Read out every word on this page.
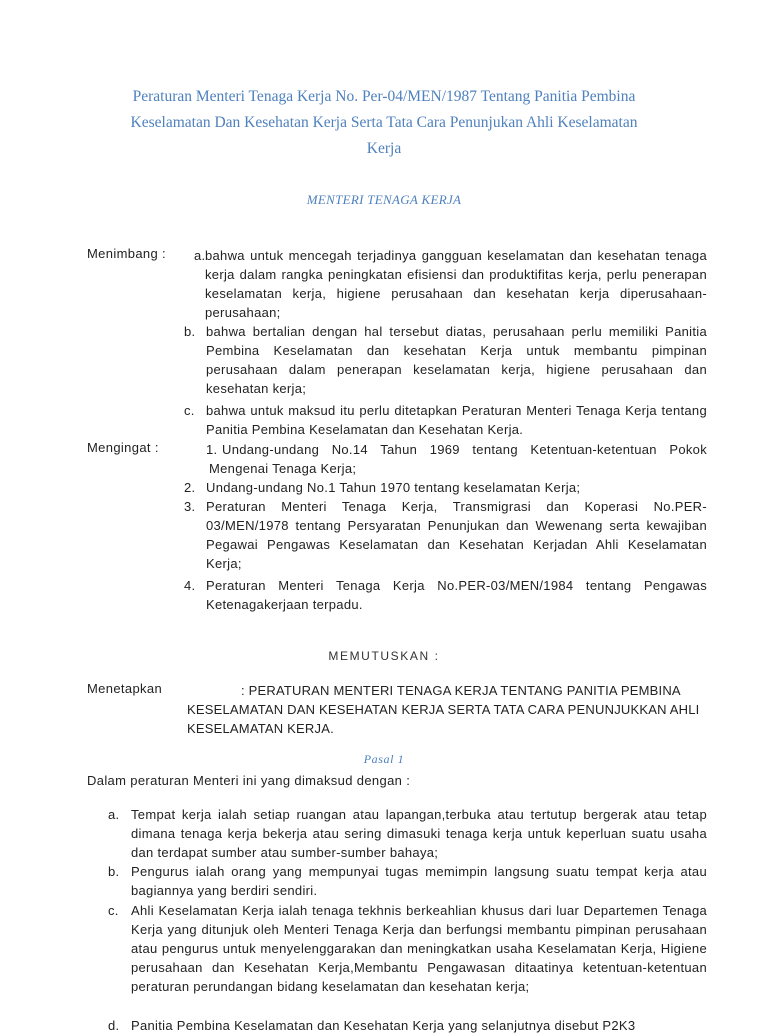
Peraturan Menteri Tenaga Kerja No. Per-04/MEN/1987 Tentang Panitia Pembina
Keselamatan Dan Kesehatan Kerja Serta Tata Cara Penunjukan Ahli Keselamatan
Kerja
MENTERI TENAGA KERJA
Menimbang : a. bahwa untuk mencegah terjadinya gangguan keselamatan dan kesehatan tenaga kerja dalam rangka peningkatan efisiensi dan produktifitas kerja, perlu penerapan keselamatan kerja, higiene perusahaan dan kesehatan kerja diperusahaan-perusahaan;
b. bahwa bertalian dengan hal tersebut diatas, perusahaan perlu memiliki Panitia Pembina Keselamatan dan kesehatan Kerja untuk membantu pimpinan perusahaan dalam penerapan keselamatan kerja, higiene perusahaan dan kesehatan kerja;
c. bahwa untuk maksud itu perlu ditetapkan Peraturan Menteri Tenaga Kerja tentang Panitia Pembina Keselamatan dan Kesehatan Kerja.
Mengingat :	1. Undang-undang No.14 Tahun 1969 tentang Ketentuan-ketentuan Pokok Mengenai Tenaga Kerja;
2. Undang-undang No.1 Tahun 1970 tentang keselamatan Kerja;
3. Peraturan Menteri Tenaga Kerja, Transmigrasi dan Koperasi No.PER-03/MEN/1978 tentang Persyaratan Penunjukan dan Wewenang serta kewajiban Pegawai Pengawas Keselamatan dan Kesehatan Kerjadan Ahli Keselamatan Kerja;
4. Peraturan Menteri Tenaga Kerja No.PER-03/MEN/1984 tentang Pengawas Ketenagakerjaan terpadu.
MEMUTUSKAN :
Menetapkan	: PERATURAN MENTERI TENAGA KERJA TENTANG PANITIA PEMBINA
KESELAMATAN DAN KESEHATAN KERJA SERTA TATA CARA PENUNJUKKAN AHLI
KESELAMATAN KERJA.
Pasal 1
Dalam peraturan Menteri ini yang dimaksud dengan :
a. Tempat kerja ialah setiap ruangan atau lapangan,terbuka atau tertutup bergerak atau tetap dimana tenaga kerja bekerja atau sering dimasuki tenaga kerja untuk keperluan suatu usaha dan terdapat sumber atau sumber-sumber bahaya;
b. Pengurus ialah orang yang mempunyai tugas memimpin langsung suatu tempat kerja atau bagiannya yang berdiri sendiri.
c. Ahli Keselamatan Kerja ialah tenaga tekhnis berkeahlian khusus dari luar Departemen Tenaga Kerja yang ditunjuk oleh Menteri Tenaga Kerja dan berfungsi membantu pimpinan perusahaan atau pengurus untuk menyelenggarakan dan meningkatkan usaha Keselamatan Kerja, Higiene perusahaan dan Kesehatan Kerja,Membantu Pengawasan ditaatinya ketentuan-ketentuan peraturan perundangan bidang keselamatan dan kesehatan kerja;
d. Panitia Pembina Keselamatan dan Kesehatan Kerja yang selanjutnya disebut P2K3
